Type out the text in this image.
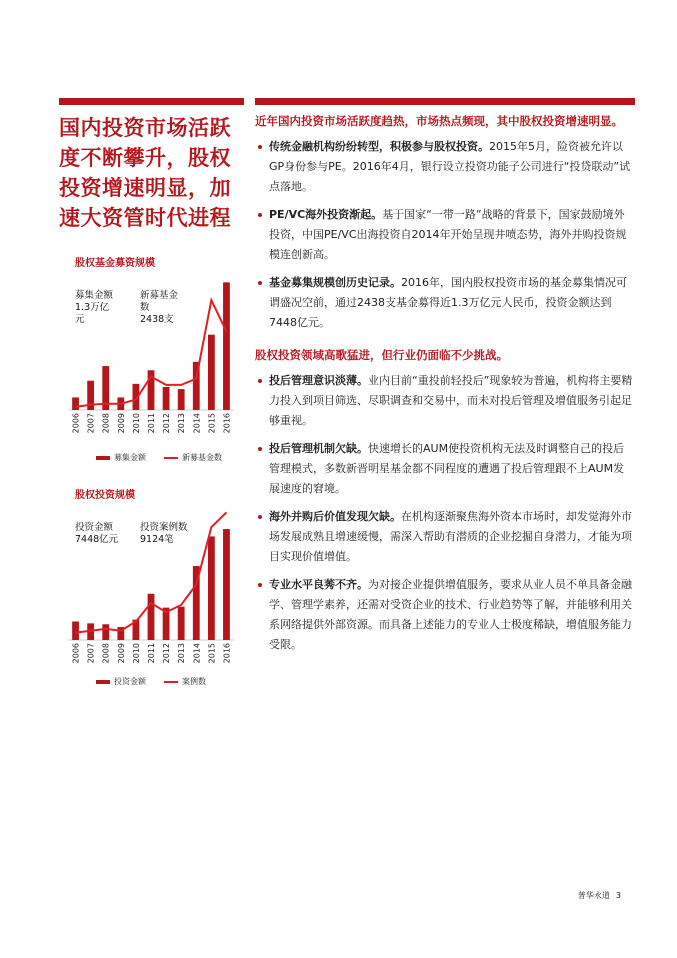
国内投资市场活跃度不断攀升，股权投资增速明显，加速大资管时代进程
股权基金募资规模
募集金额
1.3万亿
元
新募基金
数
2438支
2006 2007 2008 2009 2010 2011 2012 2013 2014 2015 2016
募集金额	新募基金数
股权投资规模
投资金额
7448亿元
投资案例数
9124笔
2006 2007 2008 2009 2010 2011 2012 2013 2014 2015 2016
投资金额	案例数
近年国内投资市场活跃度趋热，市场热点频现，其中股权投资增速明显。
传统金融机构纷纷转型，积极参与股权投资。2015年5月，险资被允许以GP身份参与PE。2016年4月，银行设立投资功能子公司进行“投贷联动”试点落地。
PE/VC海外投资渐起。基于国家“一带一路”战略的背景下，国家鼓励境外投资，中国PE/VC出海投资自2014年开始呈现井喷态势，海外并购投资规模连创新高。
基金募集规模创历史记录。2016年，国内股权投资市场的基金募集情况可谓盛况空前，通过2438支基金募得近1.3万亿元人民币，投资金额达到7448亿元。
股权投资领域高歌猛进，但行业仍面临不少挑战。
投后管理意识淡薄。业内目前“重投前轻投后”现象较为普遍，机构将主要精力投入到项目筛选、尽职调查和交易中，而未对投后管理及增值服务引起足够重视。
投后管理机制欠缺。快速增长的AUM使投资机构无法及时调整自己的投后管理模式，多数新晋明星基金都不同程度的遭遇了投后管理跟不上AUM发展速度的窘境。
海外并购后价值发现欠缺。在机构逐渐聚焦海外资本市场时，却发觉海外市场发展成熟且增速缓慢，需深入帮助有潜质的企业挖掘自身潜力，才能为项目实现价值增值。
专业水平良莠不齐。为对接企业提供增值服务，要求从业人员不单具备金融学、管理学素养，还需对受资企业的技术、行业趋势等了解，并能够利用关系网络提供外部资源。而具备上述能力的专业人士极度稀缺，增值服务能力受限。
普华永道 3
